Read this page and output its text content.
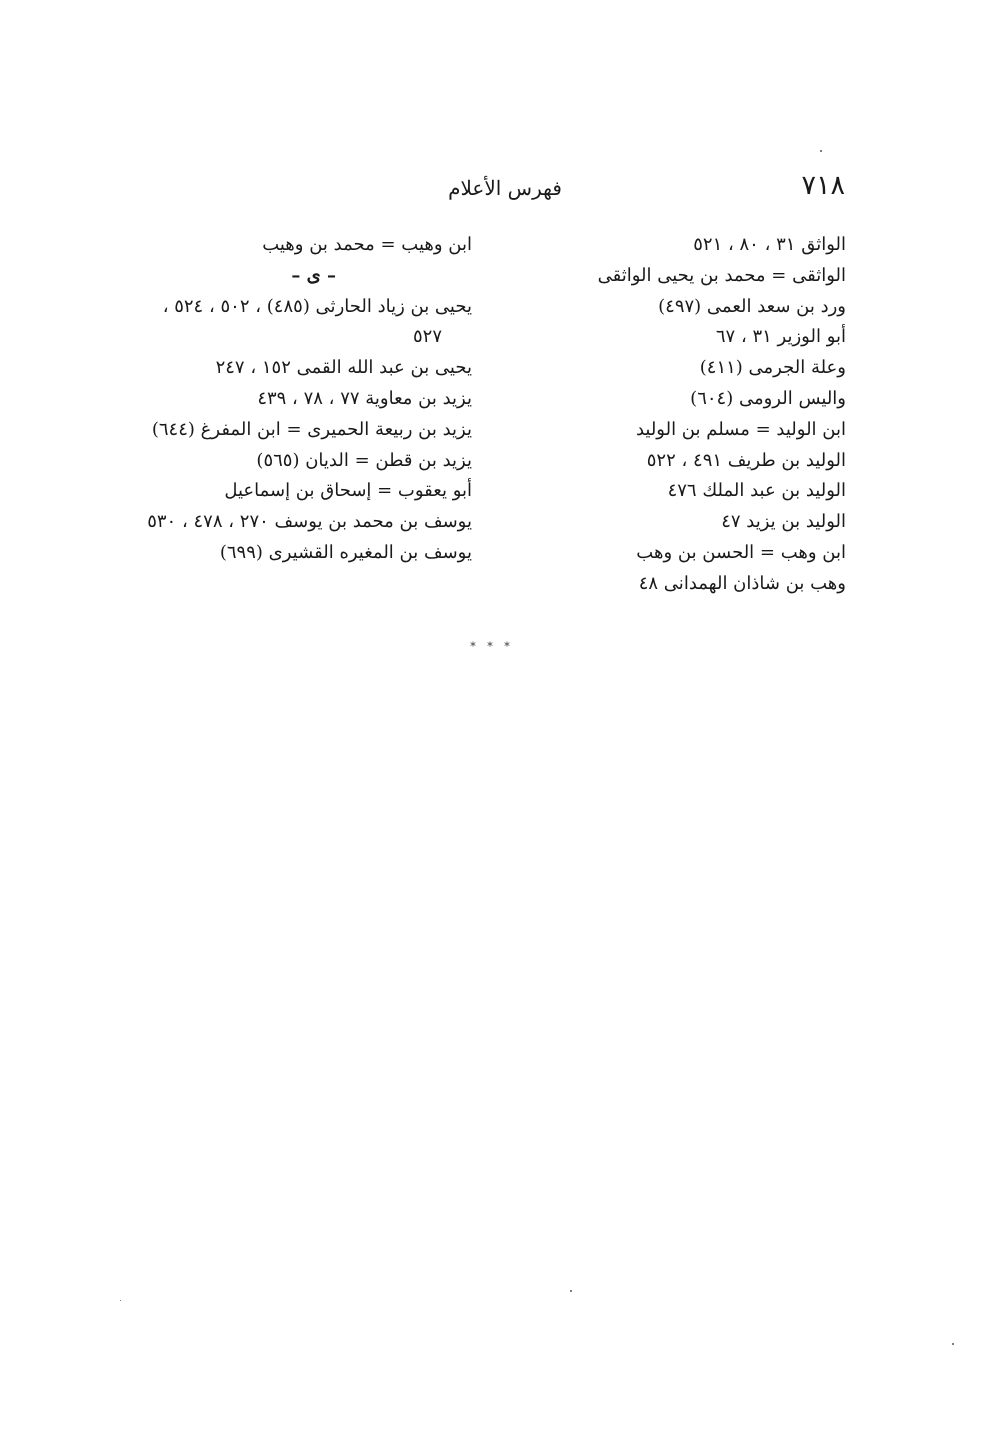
٧١٨
فهرس الأعلام
الواثق ٣١ ، ٨٠ ، ٥٢١
الواثقى = محمد بن يحيى الواثقى
ورد بن سعد العمى (٤٩٧)
أبو الوزير ٣١ ، ٦٧
وعلة الجرمى (٤١١)
واليس الرومى (٦٠٤)
ابن الوليد = مسلم بن الوليد
الوليد بن طريف ٤٩١ ، ٥٢٢
الوليد بن عبد الملك ٤٧٦
الوليد بن يزيد ٤٧
ابن وهب = الحسن بن وهب
وهب بن شاذان الهمدانى ٤٨
ابن وهيب = محمد بن وهيب
– ى –
يحيى بن زياد الحارثى (٤٨٥) ، ٥٠٢ ، ٥٢٤ ،
٥٢٧
يحيى بن عبد الله القمى ١٥٢ ، ٢٤٧
يزيد بن معاوية ٧٧ ، ٧٨ ، ٤٣٩
يزيد بن ربيعة الحميرى = ابن المفرغ (٦٤٤)
يزيد بن قطن = الديان (٥٦٥)
أبو يعقوب = إسحاق بن إسماعيل
يوسف بن محمد بن يوسف ٢٧٠ ، ٤٧٨ ، ٥٣٠
يوسف بن المغيره القشيرى (٦٩٩)
* * *
